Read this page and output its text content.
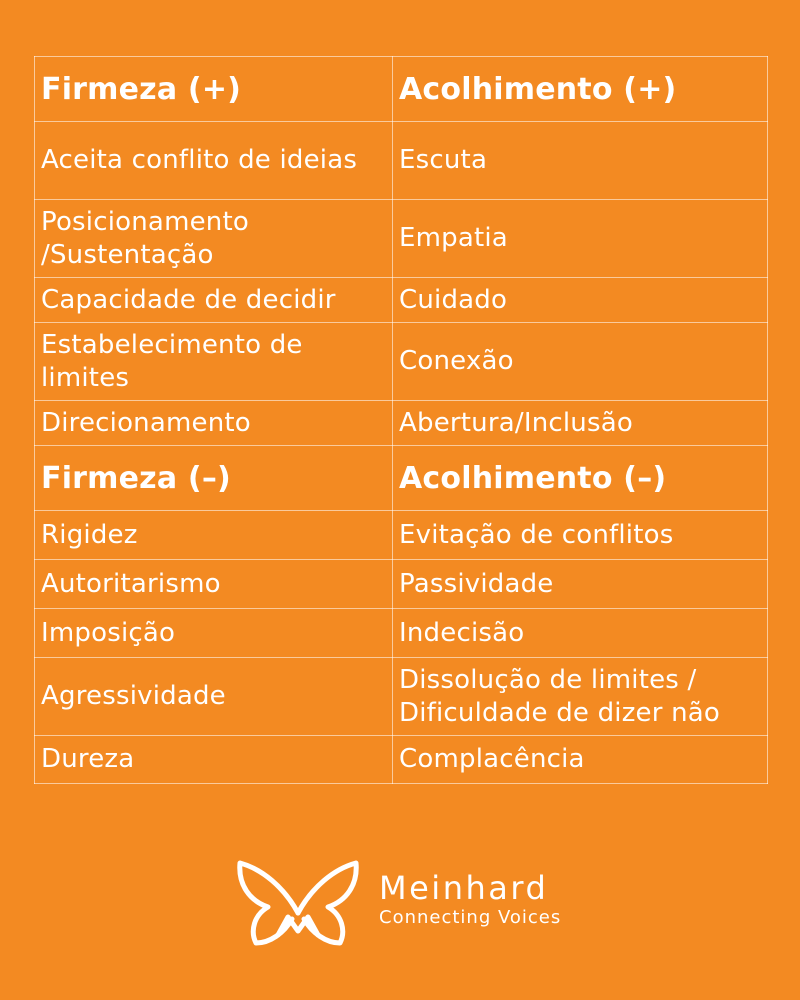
Firmeza (+)	Acolhimento (+)
Aceita conflito de ideias	Escuta
Posicionamento /Sustentação	Empatia
Capacidade de decidir	Cuidado
Estabelecimento de limites	Conexão
Direcionamento	Abertura/Inclusão
Firmeza (–)	Acolhimento (–)
Rigidez	Evitação de conflitos
Autoritarismo	Passividade
Imposição	Indecisão
Agressividade	Dissolução de limites / Dificuldade de dizer não
Dureza	Complacência
Meinhard
Connecting Voices
